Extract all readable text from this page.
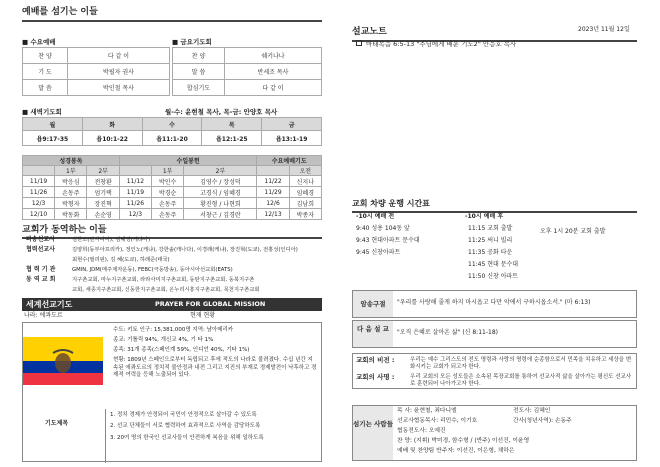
예배를 섬기는 이들
■ 수요예배
찬 양	다 같 이
기 도	박필자 권사
말 씀	박인철 목사
■ 금요기도회
찬 양	쉐키나나
말 씀	반세조 목사
합심기도	다 같 이
■ 새벽기도회	월-수: 윤현철 목사, 목-금: 안양호 목사
월	화	수	목	금
욥9:17-35	욥10:1-22	욥11:1-20	욥12:1-25	욥13:1-19
성경봉독			수일봉헌			수요예배기도	
	1부	2부		1부	2부		오전
11/19	박응심	전창환	11/12	박인수	김영수 / 장성덕	11/22	신지나
11/26	손동주	엄기택	11/19	박경순	고경식 / 임혜경	11/29	임혜경
12/3	박형자	장진혁	11/26	손동주	황진형 / 나현희	12/6	김남희
12/10	박동화	손순영	12/3	손동주	서창근 / 김경란	12/13	박종자
교회가 동역하는 이들
파송선교사	김한조(탄자니아), 김혜영(케냐나)
협력선교사	김양희(동부아프리카), 정인노(케냐), 강한솔(캐나다), 이경래(케냐), 장진혁(도쿄), 전홍성(인디아)
최현수(필리핀), 김 혜(도쿄), 하래준(태국)
협 력 기 관	GMIN, JDM(메주제자운동), FEBC(극동방송), 동아시아선교회(EATS)
동 역 교 회	지구촌교회, 마누지구촌교회, 라라사미지구촌교회, 동탄지구촌교회, 동북지구촌
교회, 세종지구촌교회, 신동한지구촌교회, 온누리시흥지구촌교회, 목천지구촌교회
세계선교기도	PRAYER FOR GLOBAL MISSION
나라: 에콰도르	현재 현황
수도: 키토 인구: 15,381,000명 지역: 남아메리카
종교: 기톨릭 94%, 개신교 4%, 기 타 1%
종족: 31개 종족(스페인계 59%, 인디언 40%, 기타 1%)
현황: 1809년 스페인으로부터 독립되고 후에 적도의 나라로 불려졌다. 수십 년간 지속된 에콰도르의 정치적 불안정과 내전 그리고 지진의 부재로 경제발전이 낙후하고 경제적 여력을 등해 노출되어 있다.
기도제목
1. 정치 경제가 안정되어 국민이 안정적으로 살아갈 수 있도록
2. 선교 단체들이 서로 협력하여 효과적으로 사역을 감당하도록
3. 20여 명의 한국인 선교사들이 안전하게 복음을 위해 일하도록
설교노트	2023년 11월 12일
마태복음 6:5-13 "주님에게 배운 기도2" 안응호 목사
교회 차량 운행 시간표
-10시 예배 전	-10시 예배 후
9:40 성용 104동 앞
9:43 현대아파트 문수대
9:45 신창아파트
11:15 교회 출발
11:25 써니 빌리
11:35 공화 타운
11:45 현대 문수대
11:50 신창 아파트
오후 1시 20분 교회 출발
암송구절	"우리를 사랑해 줄게 하지 마시옵고 다만 악에서 구하시옵소서." (마 6:13)
다 음 설 교	"오직 은혜로 살아온 삶" (신 8:11-18)
교회의 비전 :	우리는 예수 그리스도의 전도 명령과 사랑의 명령에 순종함으로서 민족을 치유하고 세상을 변화시키는 교회가 되고자 한다.
교회의 사명 :	우리 교회의 모든 성도들은 소속된 목장교회를 통하여 선교사적 삶을 살아가는 평신도 선교사로 훈련되어 나아가고자 한다.
섬기는 사람들
목 사: 윤현철, 죄다니엘
선교사협동목사: 리민수, 이기호
협동전도사: 오예진
찬 양: (지휘) 박미경, 함수형 / (반주) 이선진, 이윤영
예배 및 찬양팀 반주자: 이선진, 이은형, 채하은
전도사: 김혜인
간사(청년사역): 손동주
